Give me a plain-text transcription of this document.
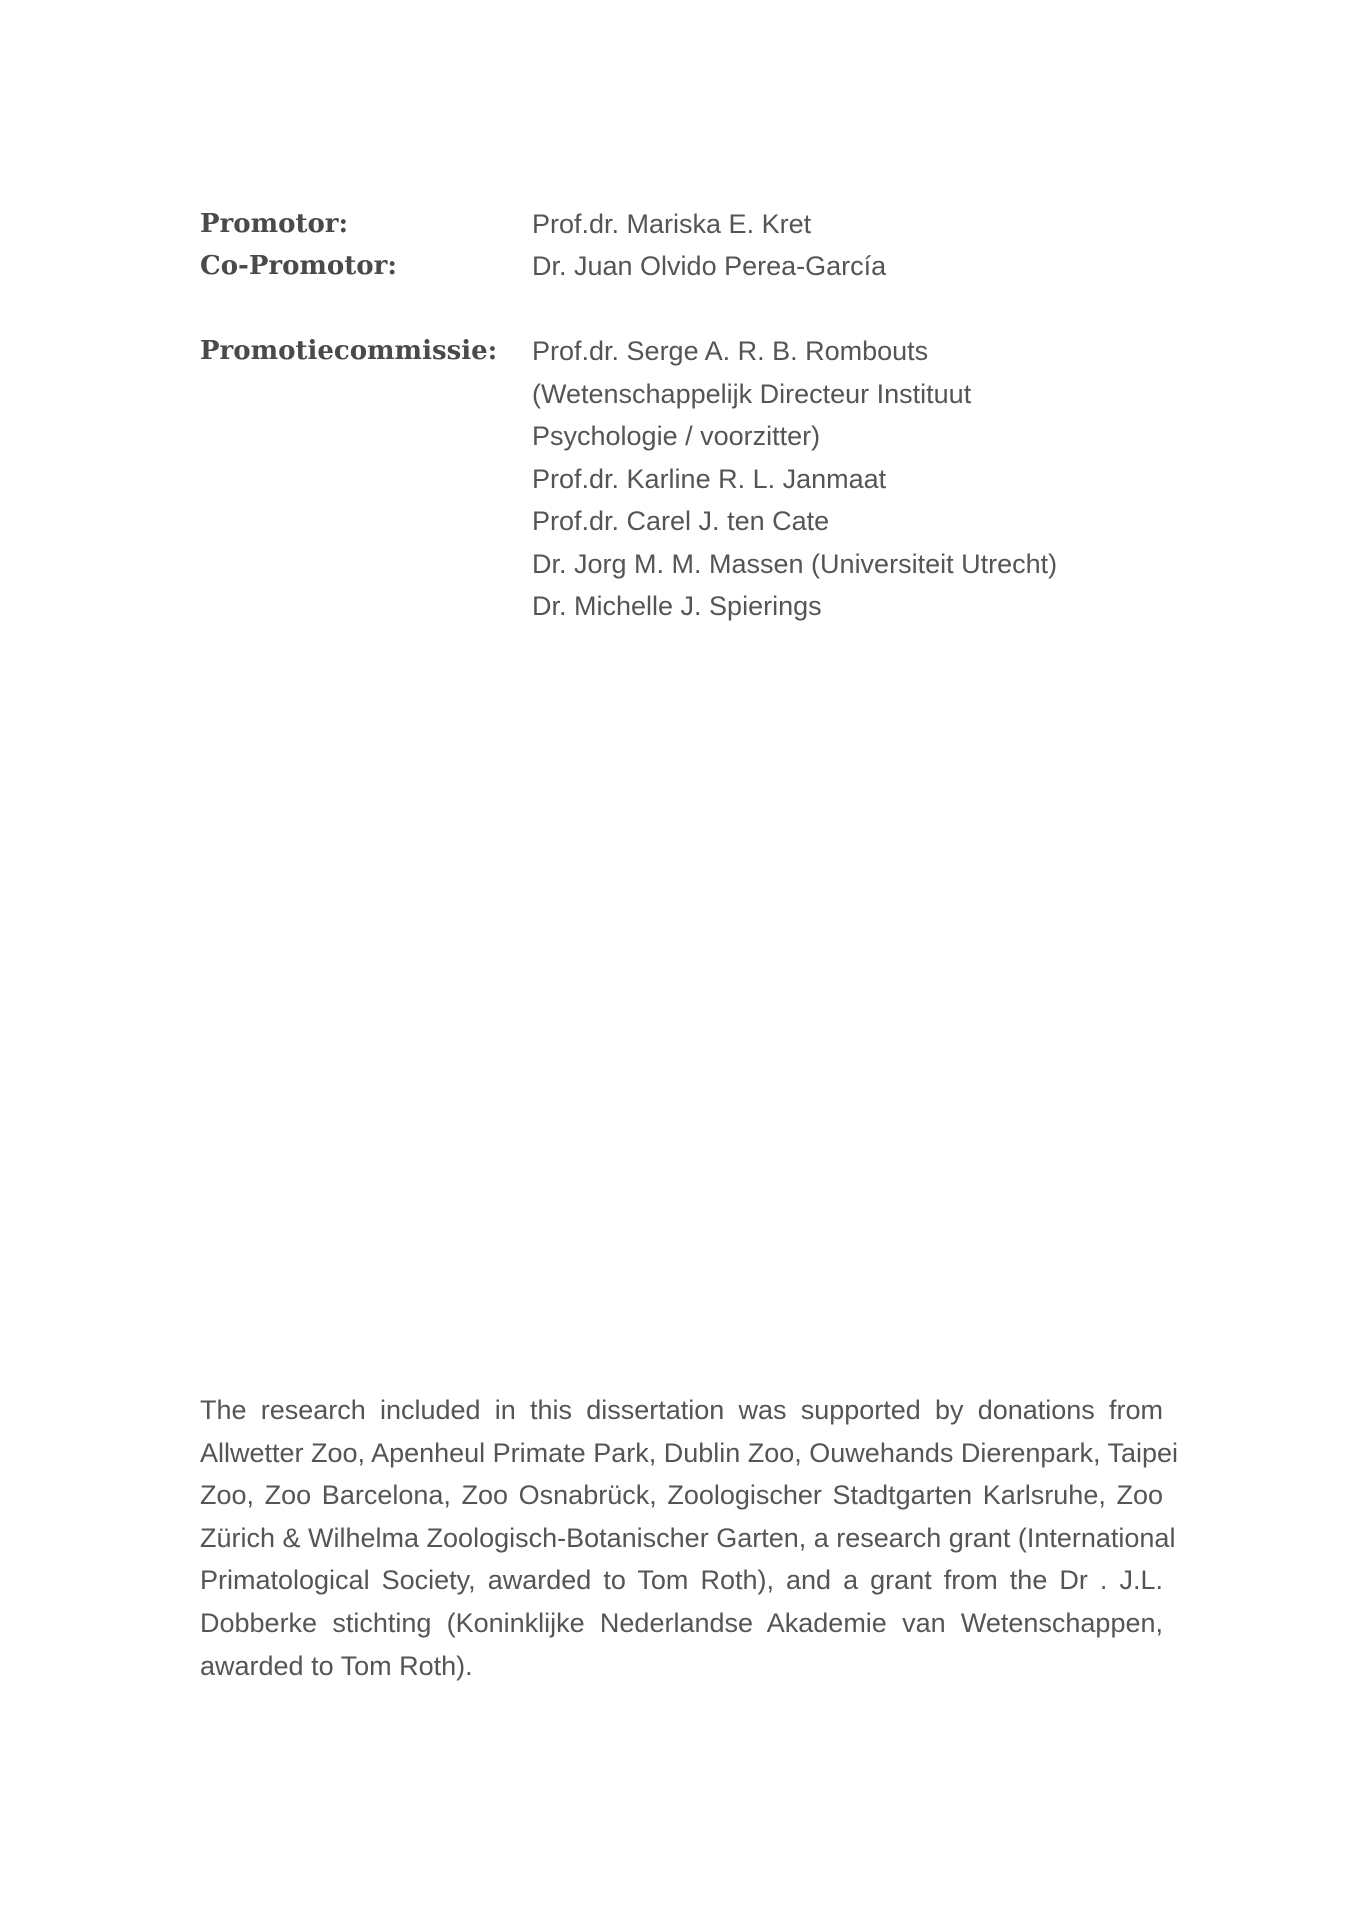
Promotor:	Prof.dr. Mariska E. Kret
Co-Promotor:	Dr. Juan Olvido Perea-García
Promotiecommissie:	Prof.dr. Serge A. R. B. Rombouts
(Wetenschappelijk Directeur Instituut
Psychologie / voorzitter)
Prof.dr. Karline R. L. Janmaat
Prof.dr. Carel J. ten Cate
Dr. Jorg M. M. Massen (Universiteit Utrecht)
Dr. Michelle J. Spierings
The research included in this dissertation was supported by donations from
Allwetter Zoo, Apenheul Primate Park, Dublin Zoo, Ouwehands Dierenpark, Taipei
Zoo, Zoo Barcelona, Zoo Osnabrück, Zoologischer Stadtgarten Karlsruhe, Zoo
Zürich & Wilhelma Zoologisch-Botanischer Garten, a research grant (International
Primatological Society, awarded to Tom Roth), and a grant from the Dr . J.L.
Dobberke stichting (Koninklijke Nederlandse Akademie van Wetenschappen,
awarded to Tom Roth).
